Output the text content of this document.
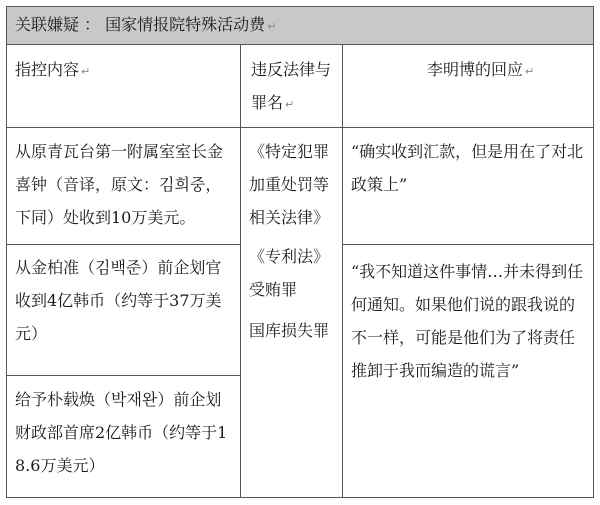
关联嫌疑 ： 国家情报院特殊活动费 ↵
指控内容 ↵	违反法律与罪名 ↵
李明博的回应 ↵
从原青瓦台第一附属室室长金喜钟（音译，原文：김희중，下同）处收到10万美元。
从金柏准（김백준）前企划官收到4亿韩币（约等于37万美元）
给予朴载焕（박재완）前企划财政部首席2亿韩币（约等于18.6万美元）
《特定犯罪加重处罚等相关法律》
《专利法》
受贿罪
国库损失罪
“确实收到汇款，但是用在了对北政策上”
“我不知道这件事情…并未得到任何通知。如果他们说的跟我说的不一样，可能是他们为了将责任推卸于我而编造的谎言”
